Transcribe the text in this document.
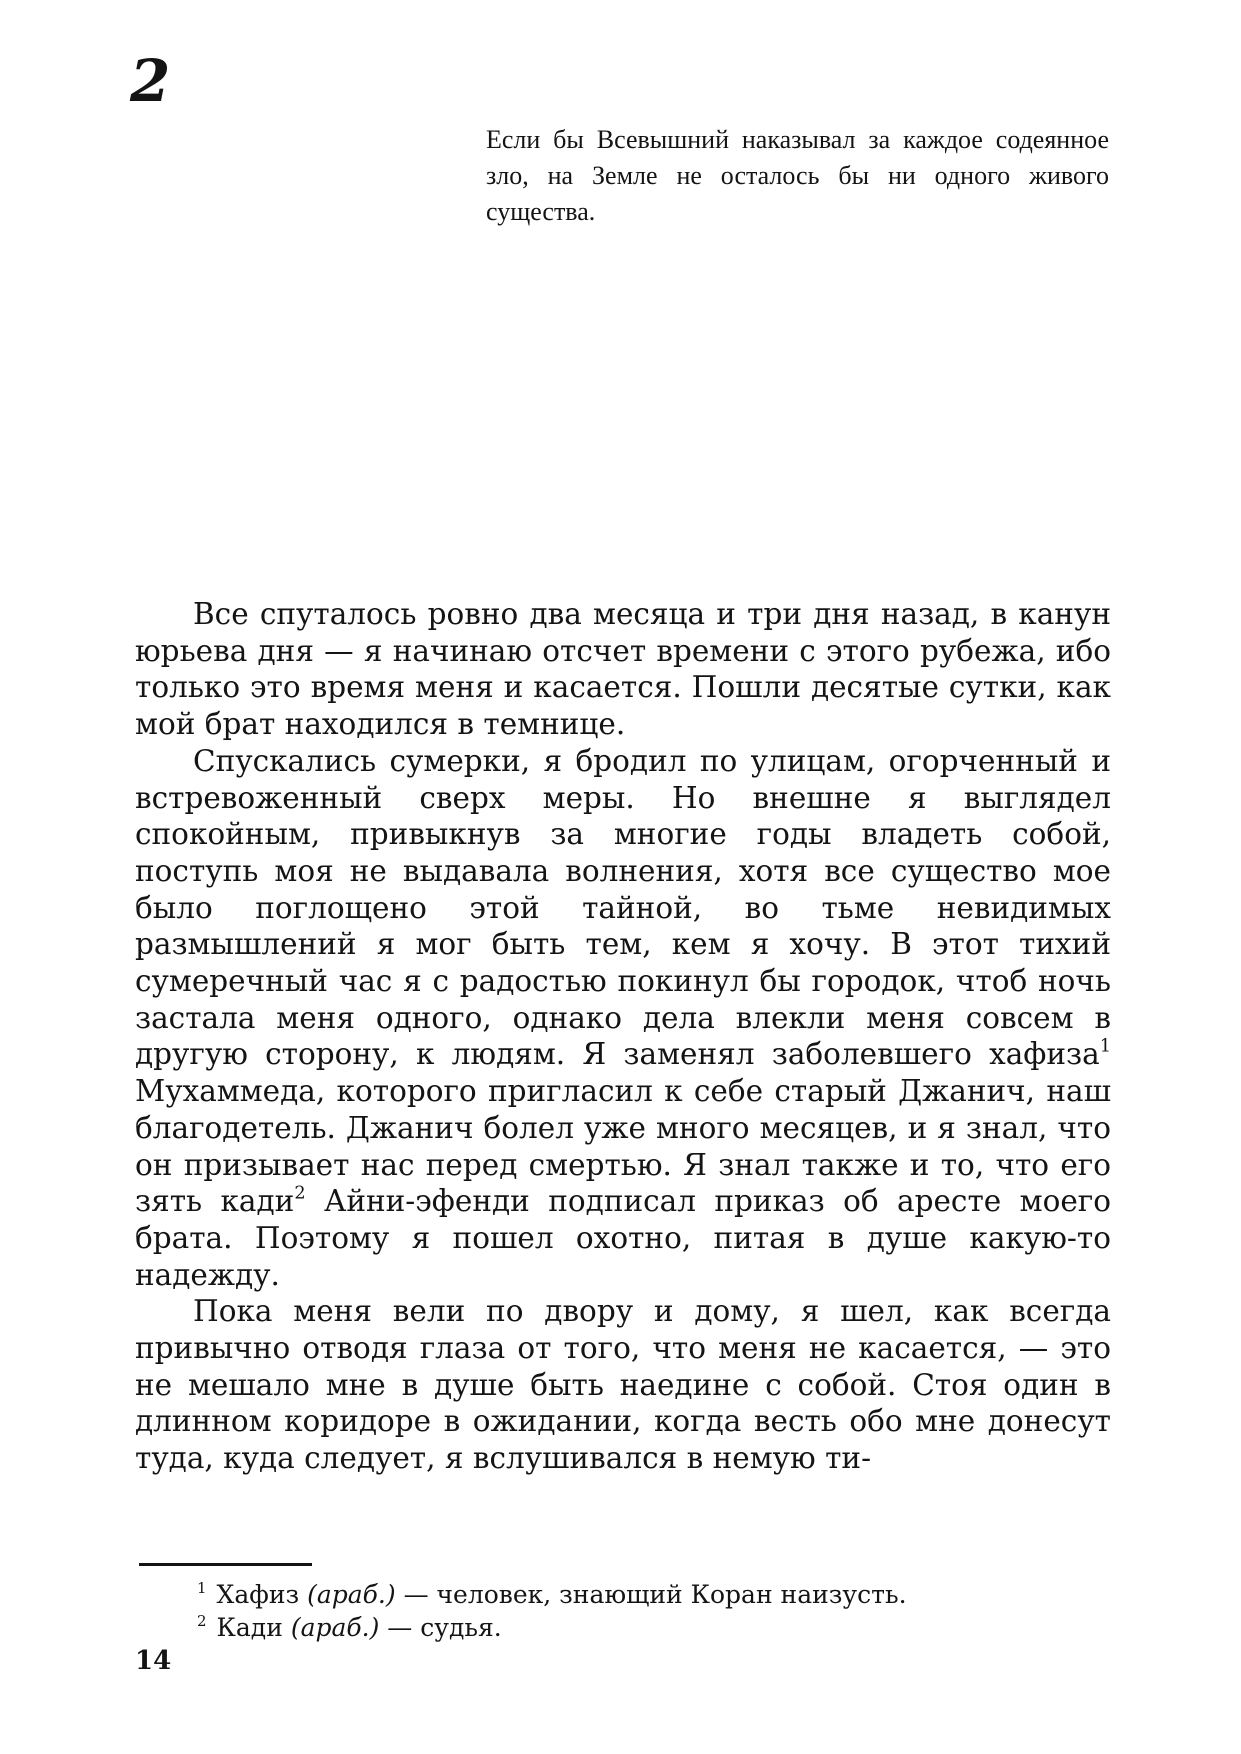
2

Если бы Всевышний наказывал за каждое содеянное зло, на Земле не осталось бы ни одного живого существа.

Все спуталось ровно два месяца и три дня назад, в канун юрьева дня — я начинаю отсчет времени с этого рубежа, ибо только это время меня и касается. Пошли десятые сутки, как мой брат находился в темнице.

Спускались сумерки, я бродил по улицам, огорченный и встревоженный сверх меры. Но внешне я выглядел спокойным, привыкнув за многие годы владеть собой, поступь моя не выдавала волнения, хотя все существо мое было поглощено этой тайной, во тьме невидимых размышлений я мог быть тем, кем я хочу. В этот тихий сумеречный час я с радостью покинул бы городок, чтоб ночь застала меня одного, однако дела влекли меня совсем в другую сторону, к людям. Я заменял заболевшего хафиза$^1$ Мухаммеда, которого пригласил к себе старый Джанич, наш благодетель. Джанич болел уже много месяцев, и я знал, что он призывает нас перед смертью. Я знал также и то, что его зять кади$^2$ Айни-эфенди подписал приказ об аресте моего брата. Поэтому я пошел охотно, питая в душе какую-то надежду.

Пока меня вели по двору и дому, я шел, как всегда привычно отводя глаза от того, что меня не касается, — это не мешало мне в душе быть наедине с собой. Стоя один в длинном коридоре в ожидании, когда весть обо мне донесут туда, куда следует, я вслушивался в немую ти-

$^1$ Хафиз (араб.) — человек, знающий Коран наизусть.

$^2$ Кади (араб.) — судья.

14
